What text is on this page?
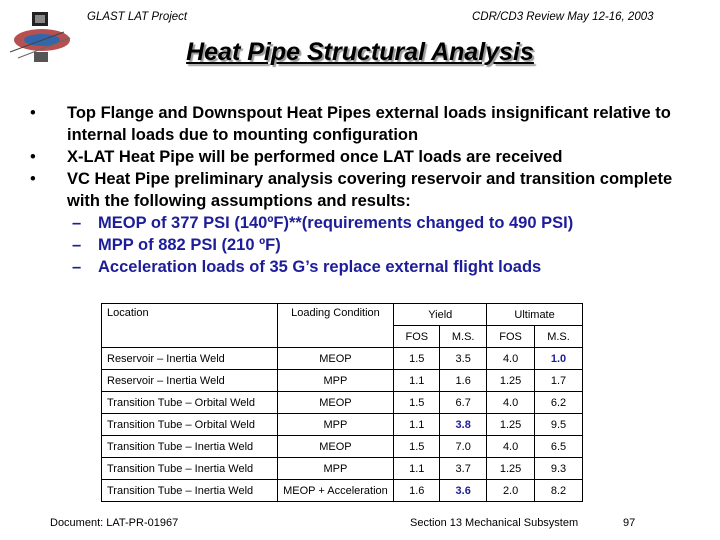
GLAST LAT Project	CDR/CD3 Review May 12-16, 2003
Heat Pipe Structural Analysis
• Top Flange and Downspout Heat Pipes external loads insignificant relative to internal loads due to mounting configuration
• X-LAT Heat Pipe will be performed once LAT loads are received
• VC Heat Pipe preliminary analysis covering reservoir and transition complete with the following assumptions and results:
– MEOP of 377 PSI (140ºF)**(requirements changed to 490 PSI)
– MPP of 882 PSI (210 ºF)
– Acceleration loads of 35 G’s replace external flight loads
Location	Loading Condition	Yield		Ultimate	
		FOS	M.S.	FOS	M.S.
Reservoir – Inertia Weld	MEOP	1.5	3.5	4.0	1.0
Reservoir – Inertia Weld	MPP	1.1	1.6	1.25	1.7
Transition Tube – Orbital Weld	MEOP	1.5	6.7	4.0	6.2
Transition Tube – Orbital Weld	MPP	1.1	3.8	1.25	9.5
Transition Tube – Inertia Weld	MEOP	1.5	7.0	4.0	6.5
Transition Tube – Inertia Weld	MPP	1.1	3.7	1.25	9.3
Transition Tube – Inertia Weld	MEOP + Acceleration	1.6	3.6	2.0	8.2
Document: LAT-PR-01967	Section 13 Mechanical Subsystem	97
